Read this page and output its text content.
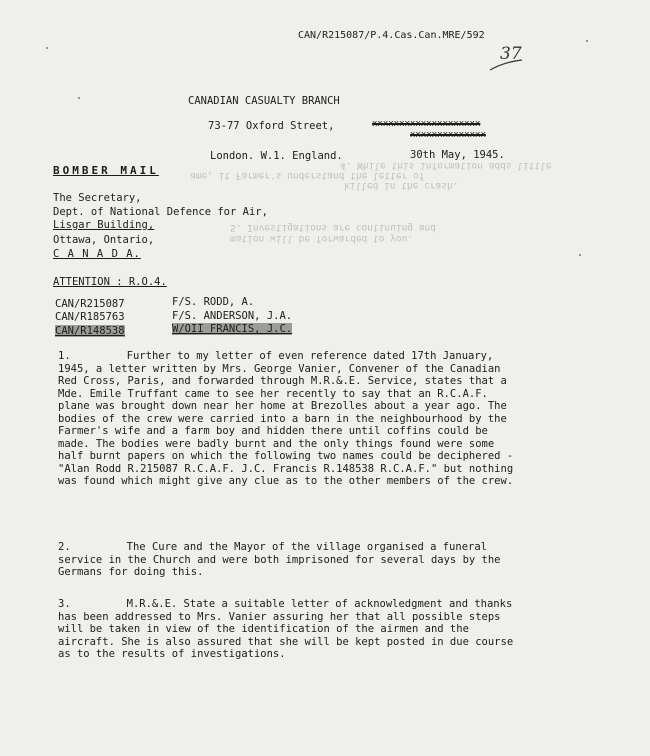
CAN/R215087/P.4.Cas.Can.MRE/592
37
CANADIAN CASUALTY BRANCH
73-77 Oxford Street,	xxxxxxxxxxxxxxxxxxxx
xxxxxxxxxxxxxx
London. W.1. England.	30th May, 1945.
4. While this information adds little
ame, it Farmer's understand the letter of
killed in the crash.
5. Investigations are continuing and
mation will be forwarded to you.
BOMBER MAIL
The Secretary,
Dept. of National Defence for Air,
Lisgar Building,
Ottawa, Ontario,
C A N A D A.
ATTENTION : R.O.4.
CAN/R215087	F/S. RODD, A.
CAN/R185763	F/S. ANDERSON, J.A.
CAN/R148538	W/OII FRANCIS, J.C.

1.	Further to my letter of even reference dated 17th January, 1945, a letter written by Mrs. George Vanier, Convener of the Canadian Red Cross, Paris, and forwarded through M.R.&.E. Service, states that a Mde. Emile Truffant came to see her recently to say that an R.C.A.F. plane was brought down near her home at Brezolles about a year ago. The bodies of the crew were carried into a barn in the neighbourhood by the Farmer's wife and a farm boy and hidden there until coffins could be made. The bodies were badly burnt and the only things found were some half burnt papers on which the following two names could be deciphered - "Alan Rodd R.215087 R.C.A.F. J.C. Francis R.148538 R.C.A.F." but nothing was found which might give any clue as to the other members of the crew.

2.	The Cure and the Mayor of the village organised a funeral service in the Church and were both imprisoned for several days by the Germans for doing this.

3.	M.R.&.E. State a suitable letter of acknowledgment and thanks has been addressed to Mrs. Vanier assuring her that all possible steps will be taken in view of the identification of the airmen and the aircraft. She is also assured that she will be kept posted in due course as to the results of investigations.
